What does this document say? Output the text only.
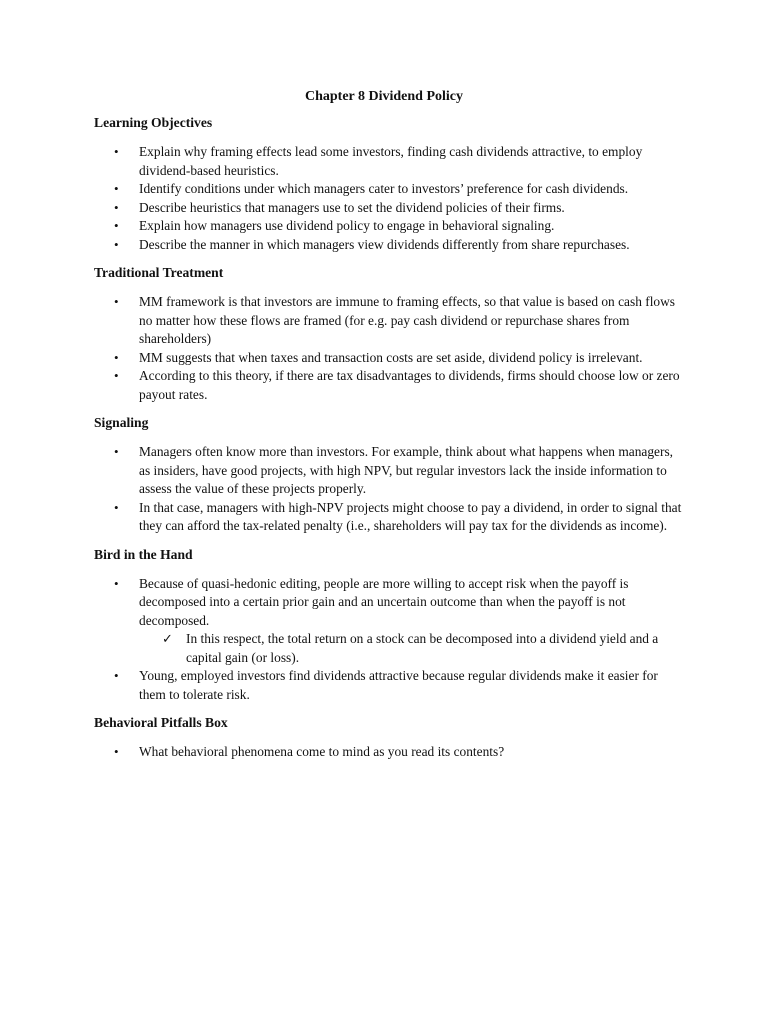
Chapter 8 Dividend Policy
Learning Objectives
• Explain why framing effects lead some investors, finding cash dividends attractive, to employ dividend-based heuristics.
• Identify conditions under which managers cater to investors’ preference for cash dividends.
• Describe heuristics that managers use to set the dividend policies of their firms.
• Explain how managers use dividend policy to engage in behavioral signaling.
• Describe the manner in which managers view dividends differently from share repurchases.
Traditional Treatment
• MM framework is that investors are immune to framing effects, so that value is based on cash flows no matter how these flows are framed (for e.g. pay cash dividend or repurchase shares from shareholders)
• MM suggests that when taxes and transaction costs are set aside, dividend policy is irrelevant.
• According to this theory, if there are tax disadvantages to dividends, firms should choose low or zero payout rates.
Signaling
• Managers often know more than investors. For example, think about what happens when managers, as insiders, have good projects, with high NPV, but regular investors lack the inside information to assess the value of these projects properly.
• In that case, managers with high-NPV projects might choose to pay a dividend, in order to signal that they can afford the tax-related penalty (i.e., shareholders will pay tax for the dividends as income).
Bird in the Hand
• Because of quasi-hedonic editing, people are more willing to accept risk when the payoff is decomposed into a certain prior gain and an uncertain outcome than when the payoff is not decomposed.
✓ In this respect, the total return on a stock can be decomposed into a dividend yield and a capital gain (or loss).
• Young, employed investors find dividends attractive because regular dividends make it easier for them to tolerate risk.
Behavioral Pitfalls Box
• What behavioral phenomena come to mind as you read its contents?
